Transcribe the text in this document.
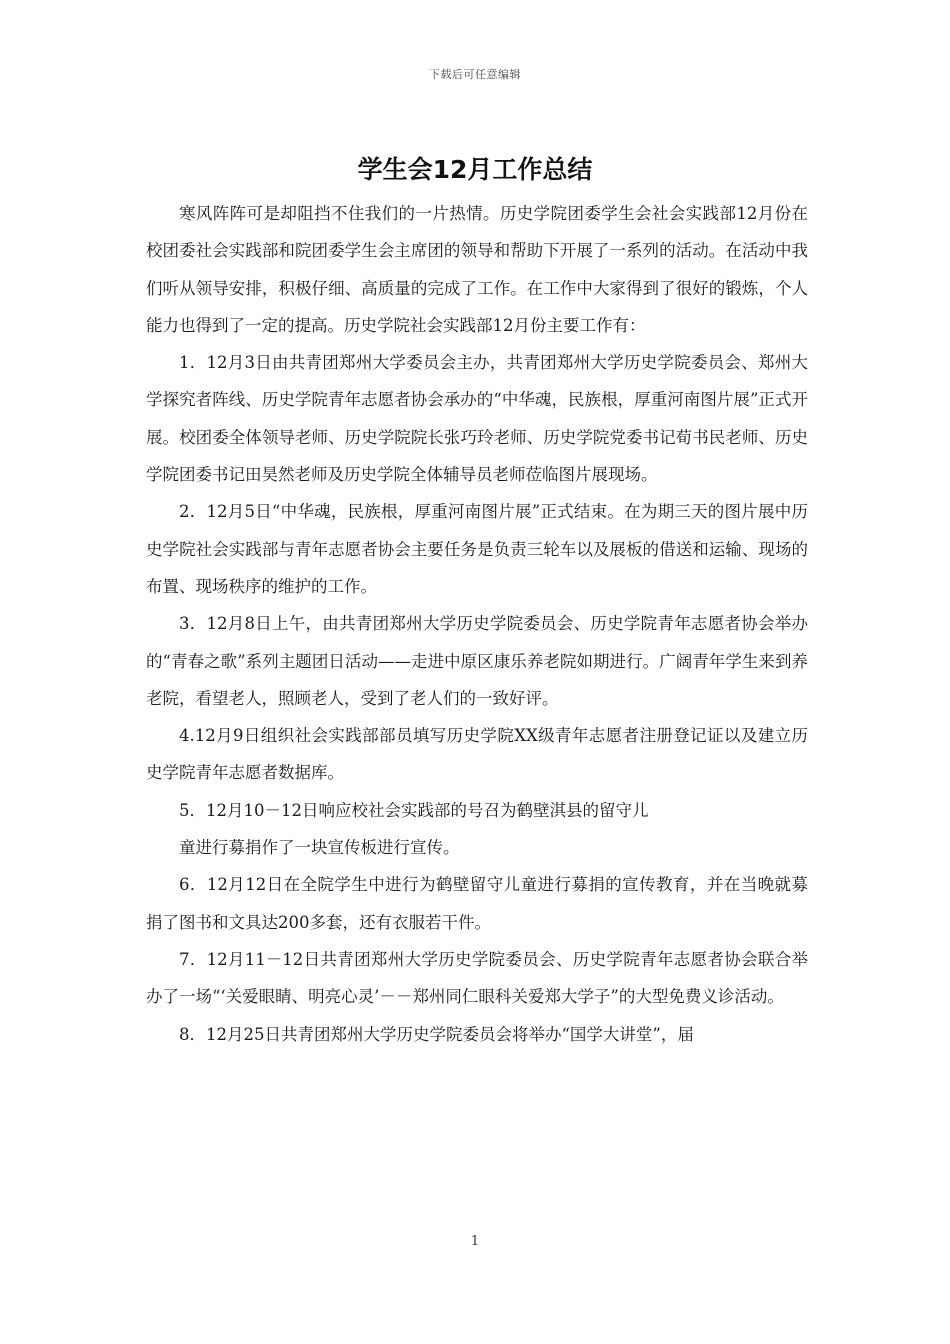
下载后可任意编辑
学生会12月工作总结

寒风阵阵可是却阻挡不住我们的一片热情。历史学院团委学生会社会实践部12月份在校团委社会实践部和院团委学生会主席团的领导和帮助下开展了一系列的活动。在活动中我们听从领导安排，积极仔细、高质量的完成了工作。在工作中大家得到了很好的锻炼，个人能力也得到了一定的提高。历史学院社会实践部12月份主要工作有：

1．12月3日由共青团郑州大学委员会主办，共青团郑州大学历史学院委员会、郑州大学探究者阵线、历史学院青年志愿者协会承办的“中华魂，民族根，厚重河南图片展”正式开展。校团委全体领导老师、历史学院院长张巧玲老师、历史学院党委书记荀书民老师、历史学院团委书记田昊然老师及历史学院全体辅导员老师莅临图片展现场。

2．12月5日“中华魂，民族根，厚重河南图片展”正式结束。在为期三天的图片展中历史学院社会实践部与青年志愿者协会主要任务是负责三轮车以及展板的借送和运输、现场的布置、现场秩序的维护的工作。

3．12月8日上午，由共青团郑州大学历史学院委员会、历史学院青年志愿者协会举办的“青春之歌”系列主题团日活动——走进中原区康乐养老院如期进行。广阔青年学生来到养老院，看望老人，照顾老人，受到了老人们的一致好评。

4.12月9日组织社会实践部部员填写历史学院XX级青年志愿者注册登记证以及建立历史学院青年志愿者数据库。

5．12月10－12日响应校社会实践部的号召为鹤壁淇县的留守儿

童进行募捐作了一块宣传板进行宣传。

6．12月12日在全院学生中进行为鹤壁留守儿童进行募捐的宣传教育，并在当晚就募捐了图书和文具达200多套，还有衣服若干件。

7．12月11－12日共青团郑州大学历史学院委员会、历史学院青年志愿者协会联合举办了一场“‘关爱眼睛、明亮心灵’－－郑州同仁眼科关爱郑大学子”的大型免费义诊活动。

8．12月25日共青团郑州大学历史学院委员会将举办“国学大讲堂”，届

1
